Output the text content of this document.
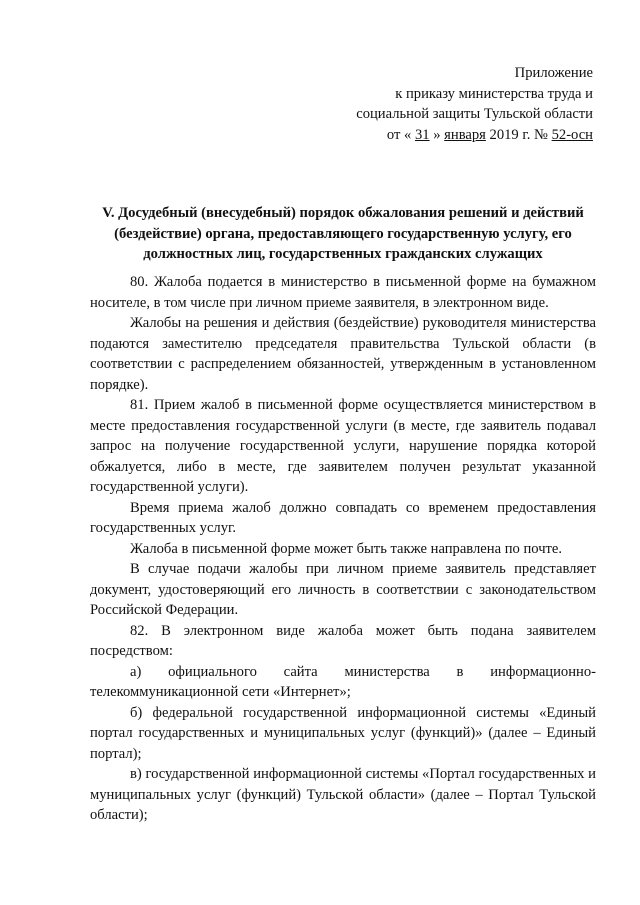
Приложение
к приказу министерства труда и
социальной защиты Тульской области
от « 31 » января 2019 г. № 52-осн
V. Досудебный (внесудебный) порядок обжалования решений и действий (бездействие) органа, предоставляющего государственную услугу, его должностных лиц, государственных гражданских служащих

80. Жалоба подается в министерство в письменной форме на бумажном носителе, в том числе при личном приеме заявителя, в электронном виде.

Жалобы на решения и действия (бездействие) руководителя министерства подаются заместителю председателя правительства Тульской области (в соответствии с распределением обязанностей, утвержденным в установленном порядке).

81. Прием жалоб в письменной форме осуществляется министерством в месте предоставления государственной услуги (в месте, где заявитель подавал запрос на получение государственной услуги, нарушение порядка которой обжалуется, либо в месте, где заявителем получен результат указанной государственной услуги).

Время приема жалоб должно совпадать со временем предоставления государственных услуг.

Жалоба в письменной форме может быть также направлена по почте.

В случае подачи жалобы при личном приеме заявитель представляет документ, удостоверяющий его личность в соответствии с законодательством Российской Федерации.

82. В электронном виде жалоба может быть подана заявителем посредством:

а) официального сайта министерства в информационно-телекоммуникационной сети «Интернет»;

б) федеральной государственной информационной системы «Единый портал государственных и муниципальных услуг (функций)» (далее – Единый портал);

в) государственной информационной системы «Портал государственных и муниципальных услуг (функций) Тульской области» (далее – Портал Тульской области);
